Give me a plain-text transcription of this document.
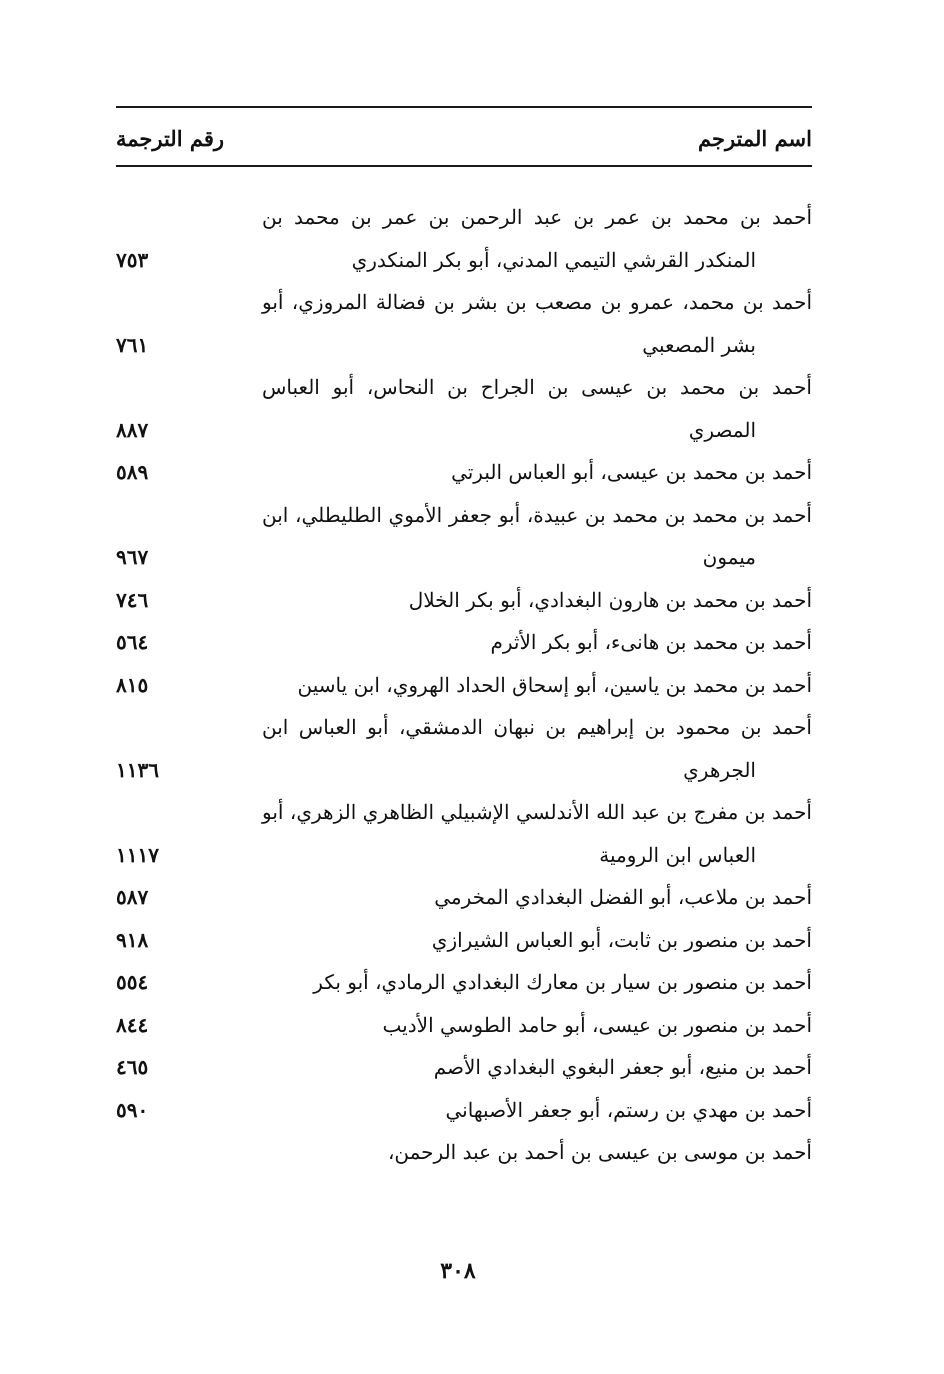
اسم المترجم
رقم الترجمة
أحمد بن محمد بن عمر بن عبد الرحمن بن عمر بن محمد بن المنكدر القرشي التيمي المدني، أبو بكر المنكدري
٧٥٣
أحمد بن محمد، عمرو بن مصعب بن بشر بن فضالة المروزي، أبو بشر المصعبي
٧٦١
أحمد بن محمد بن عيسى بن الجراح بن النحاس، أبو العباس المصري
٨٨٧
أحمد بن محمد بن عيسى، أبو العباس البرتي
٥٨٩
أحمد بن محمد بن محمد بن عبيدة، أبو جعفر الأموي الطليطلي، ابن ميمون
٩٦٧
أحمد بن محمد بن هارون البغدادي، أبو بكر الخلال
٧٤٦
أحمد بن محمد بن هانىء، أبو بكر الأثرم
٥٦٤
أحمد بن محمد بن ياسين، أبو إسحاق الحداد الهروي، ابن ياسين
٨١٥
أحمد بن محمود بن إبراهيم بن نبهان الدمشقي، أبو العباس ابن الجرهري
١١٣٦
أحمد بن مفرج بن عبد الله الأندلسي الإشبيلي الظاهري الزهري، أبو العباس ابن الرومية
١١١٧
أحمد بن ملاعب، أبو الفضل البغدادي المخرمي
٥٨٧
أحمد بن منصور بن ثابت، أبو العباس الشيرازي
٩١٨
أحمد بن منصور بن سيار بن معارك البغدادي الرمادي، أبو بكر
٥٥٤
أحمد بن منصور بن عيسى، أبو حامد الطوسي الأديب
٨٤٤
أحمد بن منيع، أبو جعفر البغوي البغدادي الأصم
٤٦٥
أحمد بن مهدي بن رستم، أبو جعفر الأصبهاني
٥٩٠
أحمد بن موسى بن عيسى بن أحمد بن عبد الرحمن،
٣٠٨
